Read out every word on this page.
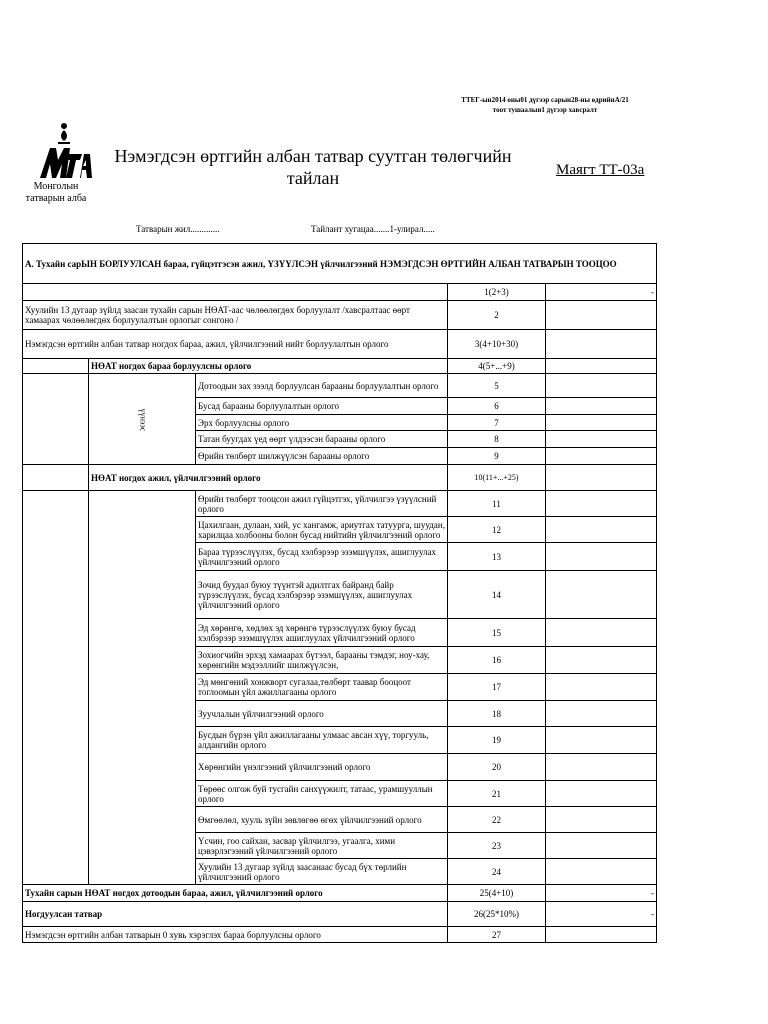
ТТЕГ-ын2014 оны01 дүгээр сарын28-ны өдрийнА/21
тоот тушаалын1 дүгээр хавсралт
Монголын татварын алба
Нэмэгдсэн өртгийн албан татвар суутган төлөгчийн тайлан	Маягт ТТ-03а
Татварын жил.............	Тайлант хугацаа.......1-улирал.....
А. Тухайн сарЫН БОРЛУУЛСАН бараа, гүйцэтгэсэн ажил, ҮЗҮҮЛСЭН үйлчилгээний НЭМЭГДСЭН ӨРТГИЙН АЛБАН ТАТВАРЫН ТООЦОО				
			1(2+3)	-
Хуулийн 13 дугаар зүйлд заасан тухайн сарын НӨАТ-аас чөлөөлөгдөх борлуулалт /хавсралтаас өөрт хамаарах чөлөөлөгдөх борлуулалтын орлогыг сонгоно /			2	
Нэмэгдсэн өртгийн албан татвар ногдох бараа, ажил, үйлчилгээний нийт борлуулалтын орлого			3(4+10+30)	
	НӨАТ ногдох бараа борлуулсны орлого		4(5+...+9)	
	үүнээс	Дотоодын зах зээлд борлуулсан барааны борлуулалтын орлого	5	
		Бусад барааны борлуулалтын орлого	6	
		Эрх борлуулсны орлого	7	
		Татан буугдах үед өөрт үлдээсэн барааны орлого	8	
		Өрийн төлбөрт шилжүүлсэн барааны орлого	9	
	НӨАТ ногдох ажил, үйлчилгээний орлого		10(11+...+25)	
		Өрийн төлбөрт тооцсон ажил гүйцэтгэх, үйлчилгээ үзүүлсний орлого	11	
		Цахилгаан, дулаан, хий, ус хангамж, ариутгах татуурга, шуудан, харилцаа холбооны болон бусад нийтийн үйлчилгээний орлого	12	
		Бараа түрээслүүлэх, бусад хэлбэрээр эзэмшүүлэх, ашиглуулах үйлчилгээний орлого	13	
		Зочид буудал буюу түүнтэй адилтгах байранд байр түрээслүүлэх, бусад хэлбэрээр эзэмшүүлэх, ашиглуулах үйлчилгээний орлого	14	
		Эд хөрөнгө, хөдлөх эд хөрөнгө түрээслүүлэх буюу бусад хэлбэрээр эзэмшүүлэх ашиглуулах үйлчилгээний орлого	15	
		Зохиогчийн эрхэд хамаарах бүтээл, барааны тэмдэг, ноу-хау, хөрөнгийн мэдээллийг шилжүүлсэн,	16	
		Эд мөнгөний хонжворт сугалаа,төлбөрт таавар бооцоот тоглоомын үйл ажиллагааны орлого	17	
		Зуучлалын үйлчилгээний орлого	18	
		Бусдын бүрэн үйл ажиллагааны улмаас авсан хүү, торгууль, алдангийн орлого	19	
		Хөрөнгийн үнэлгээний үйлчилгээний орлого	20	
		Төрөөс олгож буй тусгайн санхүүжилт, татаас, урамшууллын орлого	21	
		Өмгөөлөл, хууль зүйн зөвлөгөө өгөх үйлчилгээний орлого	22	
		Үсчин, гоо сайхан, засвар үйлчилгээ, угаалга, хими цэвэрлэгээний үйлчилгээний орлого	23	
		Хуулийн 13 дугаар зүйлд заасанаас бусад бүх төрлийн үйлчилгээний орлого	24	
Тухайн сарын НӨАТ ногдох дотоодын бараа, ажил, үйлчилгээний орлого			25(4+10)	-
Ногдуулсан татвар			26(25*10%)	-
Нэмэгдсэн өртгийн албан татварын 0 хувь хэрэглэх бараа борлуулсны орлого			27	
